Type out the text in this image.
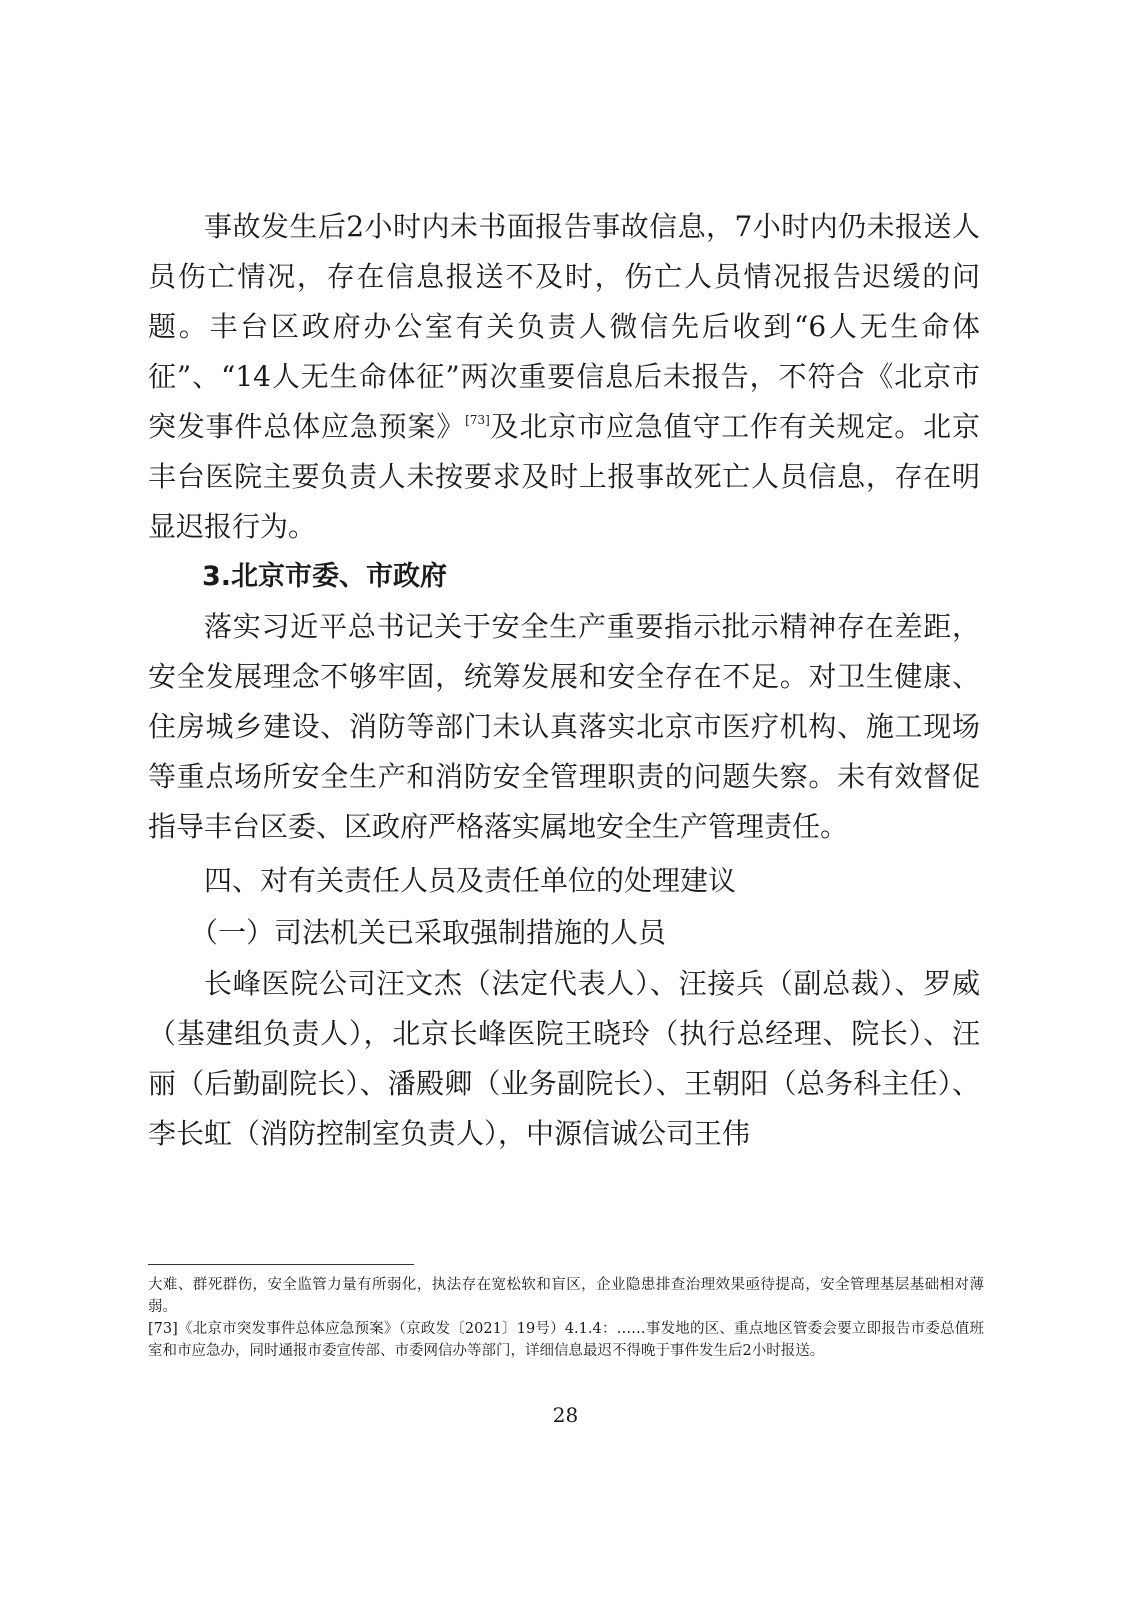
事故发生后2小时内未书面报告事故信息，7小时内仍未报送人员伤亡情况，存在信息报送不及时，伤亡人员情况报告迟缓的问题。丰台区政府办公室有关负责人微信先后收到“6人无生命体征”、“14人无生命体征”两次重要信息后未报告，不符合《北京市突发事件总体应急预案》[73]及北京市应急值守工作有关规定。北京丰台医院主要负责人未按要求及时上报事故死亡人员信息，存在明显迟报行为。

3.北京市委、市政府

落实习近平总书记关于安全生产重要指示批示精神存在差距，安全发展理念不够牢固，统筹发展和安全存在不足。对卫生健康、住房城乡建设、消防等部门未认真落实北京市医疗机构、施工现场等重点场所安全生产和消防安全管理职责的问题失察。未有效督促指导丰台区委、区政府严格落实属地安全生产管理责任。

四、对有关责任人员及责任单位的处理建议

（一）司法机关已采取强制措施的人员

长峰医院公司汪文杰（法定代表人）、汪接兵（副总裁）、罗威（基建组负责人），北京长峰医院王晓玲（执行总经理、院长）、汪丽（后勤副院长）、潘殿卿（业务副院长）、王朝阳（总务科主任）、李长虹（消防控制室负责人），中源信诚公司王伟

大难、群死群伤，安全监管力量有所弱化，执法存在宽松软和盲区，企业隐患排查治理效果亟待提高，安全管理基层基础相对薄弱。

[73]《北京市突发事件总体应急预案》（京政发〔2021〕19号）4.1.4：……事发地的区、重点地区管委会要立即报告市委总值班室和市应急办，同时通报市委宣传部、市委网信办等部门，详细信息最迟不得晚于事件发生后2小时报送。

28
